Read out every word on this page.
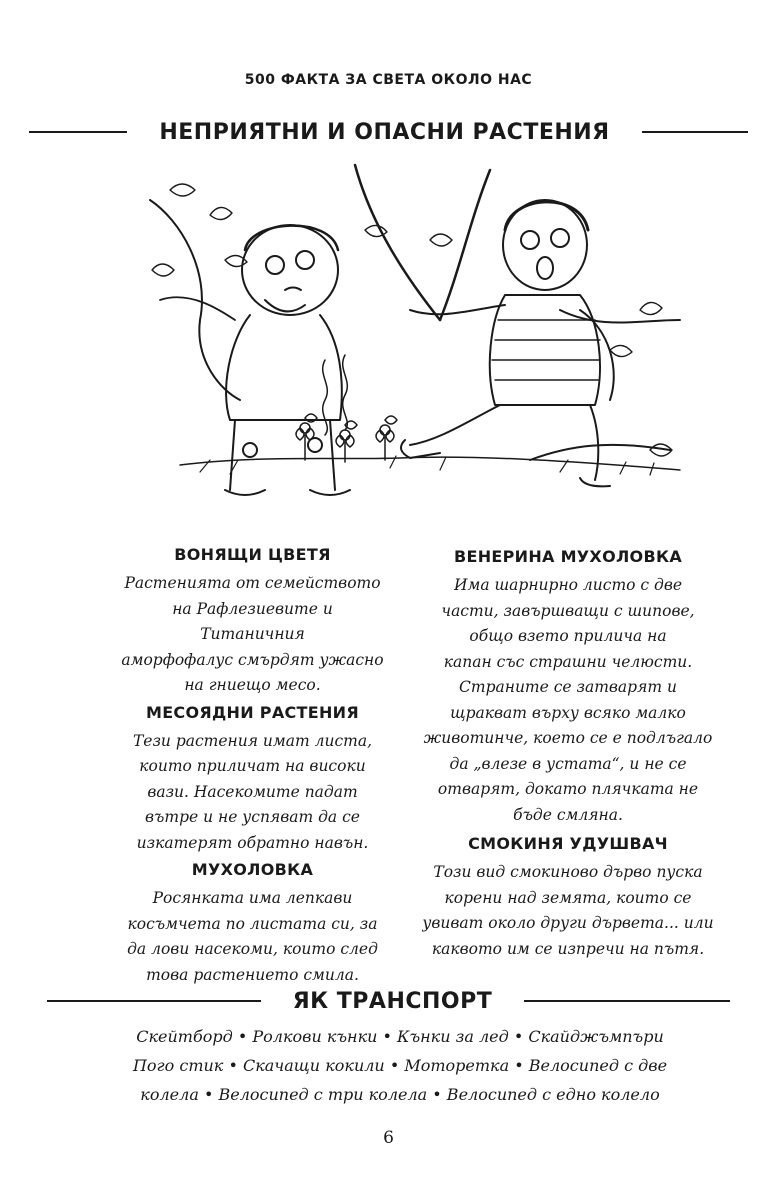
500 ФАКТА ЗА СВЕТА ОКОЛО НАС
НЕПРИЯТНИ И ОПАСНИ РАСТЕНИЯ
ВОНЯЩИ ЦВЕТЯ

Растенията от семейството
на Рафлезиевите и Титаничния
аморфофалус смърдят ужасно
на гниещо месо.

МЕСОЯДНИ РАСТЕНИЯ

Тези растения имат листа,
които приличат на високи
вази. Насекомите падат
вътре и не успяват да се
изкатерят обратно навън.

МУХОЛОВКА

Росянката има лепкави
косъмчета по листата си, за
да лови насекоми, които след
това растението смила.

ВЕНЕРИНА МУХОЛОВКА

Има шарнирно листо с две
части, завършващи с шипове,
общо взето прилича на
капан със страшни челюсти.
Страните се затварят и
щракват върху всяко малко
животинче, което се е подлъгало
да „влезе в устата“, и не се
отварят, докато плячката не
бъде смляна.

СМОКИНЯ УДУШВАЧ

Този вид смокиново дърво пуска
корени над земята, които се
увиват около други дървета... или
каквото им се изпречи на пътя.

ЯК ТРАНСПОРТ
Скейтборд • Ролкови кънки • Кънки за лед • Скайджъмпъри
Пого стик • Скачащи кокили • Моторетка • Велосипед с две
колела • Велосипед с три колела • Велосипед с едно колело
6
